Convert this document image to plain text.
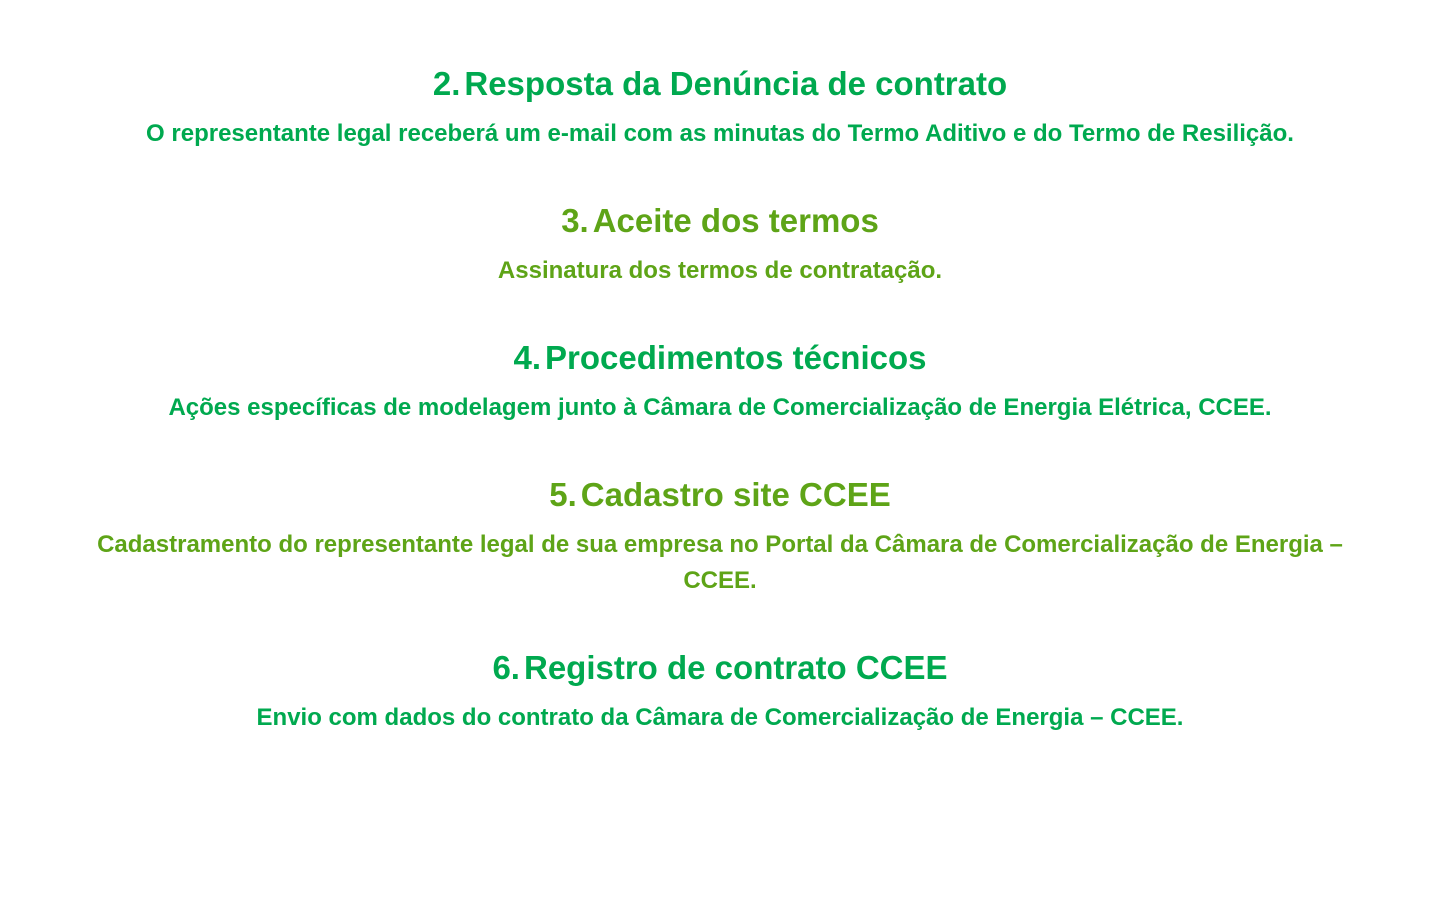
2. Resposta da Denúncia de contrato

O representante legal receberá um e-mail com as minutas do Termo Aditivo e do Termo de Resilição.

3. Aceite dos termos

Assinatura dos termos de contratação.

4. Procedimentos técnicos

Ações específicas de modelagem junto à Câmara de Comercialização de Energia Elétrica, CCEE.

5. Cadastro site CCEE

Cadastramento do representante legal de sua empresa no Portal da Câmara de Comercialização de Energia – CCEE.

6. Registro de contrato CCEE

Envio com dados do contrato da Câmara de Comercialização de Energia – CCEE.
